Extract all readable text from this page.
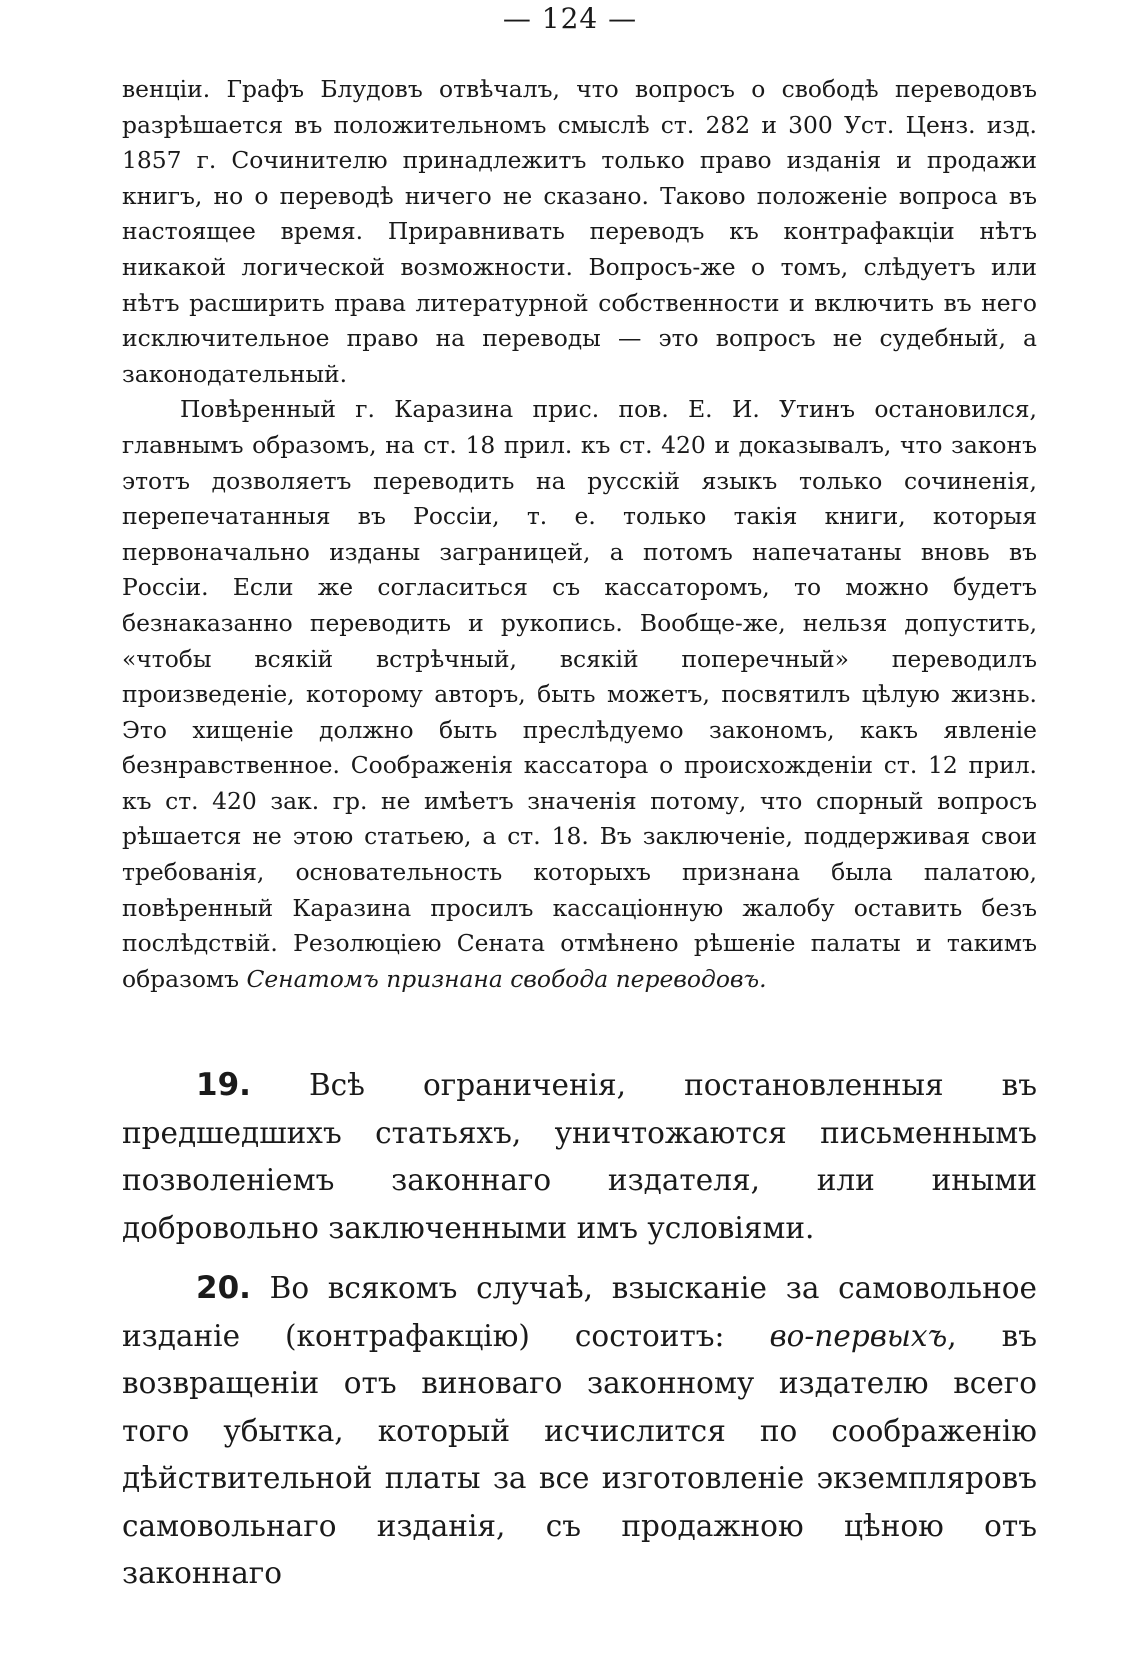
— 124 —

венціи. Графъ Блудовъ отвѣчалъ, что вопросъ о свободѣ переводовъ разрѣшается въ положительномъ смыслѣ ст. 282 и 300 Уст. Ценз. изд. 1857 г. Сочинителю принадлежитъ только право изданія и продажи книгъ, но о переводѣ ничего не сказано. Таково положеніе вопроса въ настоящее время. Приравнивать переводъ къ контрафакціи нѣтъ никакой логической возможности. Вопросъ-же о томъ, слѣдуетъ или нѣтъ расширить права литературной собственности и включить въ него исключительное право на переводы — это вопросъ не судебный, а законодательный.

Повѣренный г. Каразина прис. пов. Е. И. Утинъ остановился, главнымъ образомъ, на ст. 18 прил. къ ст. 420 и доказывалъ, что законъ этотъ дозволяетъ переводить на русскій языкъ только сочиненія, перепечатанныя въ Россіи, т. е. только такія книги, которыя первоначально изданы заграницей, а потомъ напечатаны вновь въ Россіи. Если же согласиться съ кассаторомъ, то можно будетъ безнаказанно переводить и рукопись. Вообще-же, нельзя допустить, «чтобы всякій встрѣчный, всякій поперечный» переводилъ произведеніе, которому авторъ, быть можетъ, посвятилъ цѣлую жизнь. Это хищеніе должно быть преслѣдуемо закономъ, какъ явленіе безнравственное. Соображенія кассатора о происхожденіи ст. 12 прил. къ ст. 420 зак. гр. не имѣетъ значенія потому, что спорный вопросъ рѣшается не этою статьею, а ст. 18. Въ заключеніе, поддерживая свои требованія, основательность которыхъ признана была палатою, повѣренный Каразина просилъ кассаціонную жалобу оставить безъ послѣдствій. Резолюціею Сената отмѣнено рѣшеніе палаты и такимъ образомъ Сенатомъ признана свобода переводовъ.

19. Всѣ ограниченія, постановленныя въ предшедшихъ статьяхъ, уничтожаются письменнымъ позволеніемъ законнаго издателя, или иными добровольно заключенными имъ условіями.

20. Во всякомъ случаѣ, взысканіе за самовольное изданіе (контрафакцію) состоитъ: во-первыхъ, въ возвращеніи отъ виноваго законному издателю всего того убытка, который исчислится по соображенію дѣйствительной платы за все изготовленіе экземпляровъ самовольнаго изданія, съ продажною цѣною отъ законнаго
